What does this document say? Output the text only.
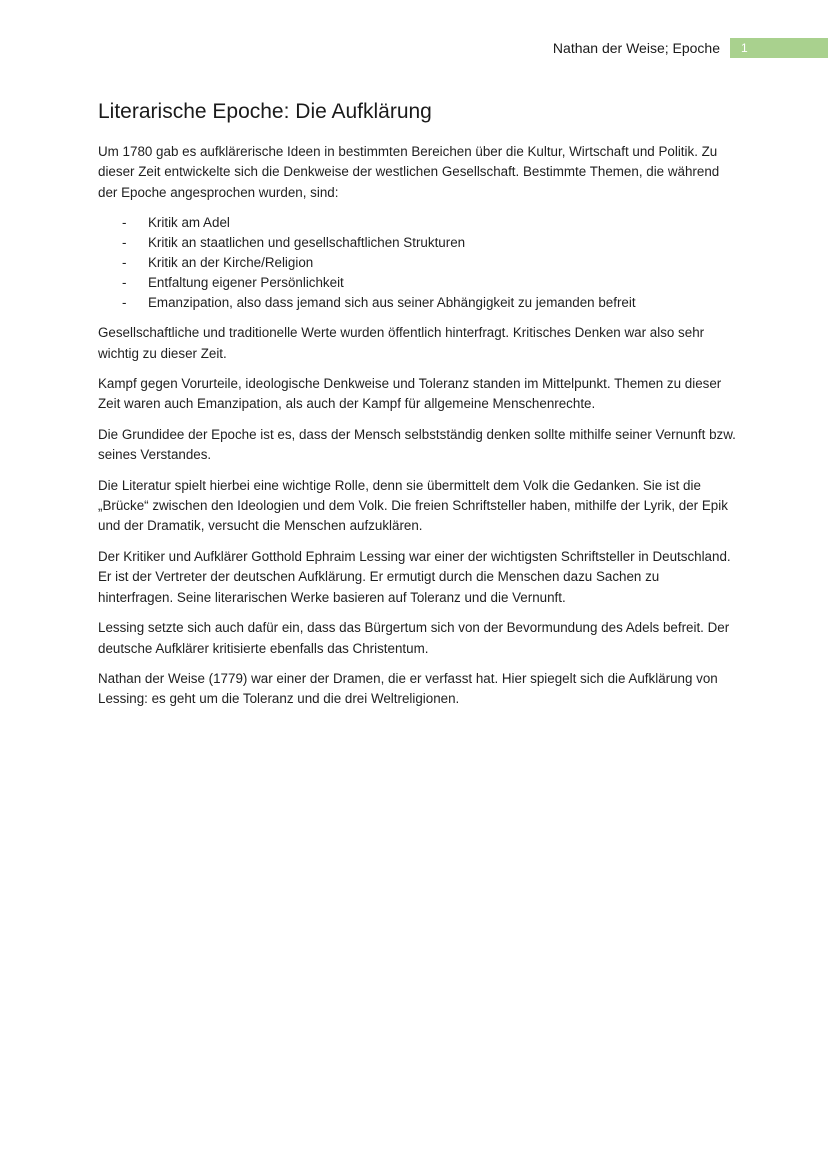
Nathan der Weise; Epoche	1
Literarische Epoche: Die Aufklärung

Um 1780 gab es aufklärerische Ideen in bestimmten Bereichen über die Kultur, Wirtschaft und Politik. Zu dieser Zeit entwickelte sich die Denkweise der westlichen Gesellschaft. Bestimmte Themen, die während der Epoche angesprochen wurden, sind:

-	Kritik am Adel
-	Kritik an staatlichen und gesellschaftlichen Strukturen
-	Kritik an der Kirche/Religion
-	Entfaltung eigener Persönlichkeit
-	Emanzipation, also dass jemand sich aus seiner Abhängigkeit zu jemanden befreit

Gesellschaftliche und traditionelle Werte wurden öffentlich hinterfragt. Kritisches Denken war also sehr wichtig zu dieser Zeit.

Kampf gegen Vorurteile, ideologische Denkweise und Toleranz standen im Mittelpunkt. Themen zu dieser Zeit waren auch Emanzipation, als auch der Kampf für allgemeine Menschenrechte.

Die Grundidee der Epoche ist es, dass der Mensch selbstständig denken sollte mithilfe seiner Vernunft bzw. seines Verstandes.

Die Literatur spielt hierbei eine wichtige Rolle, denn sie übermittelt dem Volk die Gedanken. Sie ist die „Brücke“ zwischen den Ideologien und dem Volk. Die freien Schriftsteller haben, mithilfe der Lyrik, der Epik und der Dramatik, versucht die Menschen aufzuklären.

Der Kritiker und Aufklärer Gotthold Ephraim Lessing war einer der wichtigsten Schriftsteller in Deutschland. Er ist der Vertreter der deutschen Aufklärung. Er ermutigt durch die Menschen dazu Sachen zu hinterfragen. Seine literarischen Werke basieren auf Toleranz und die Vernunft.

Lessing setzte sich auch dafür ein, dass das Bürgertum sich von der Bevormundung des Adels befreit. Der deutsche Aufklärer kritisierte ebenfalls das Christentum.

Nathan der Weise (1779) war einer der Dramen, die er verfasst hat. Hier spiegelt sich die Aufklärung von Lessing: es geht um die Toleranz und die drei Weltreligionen.
